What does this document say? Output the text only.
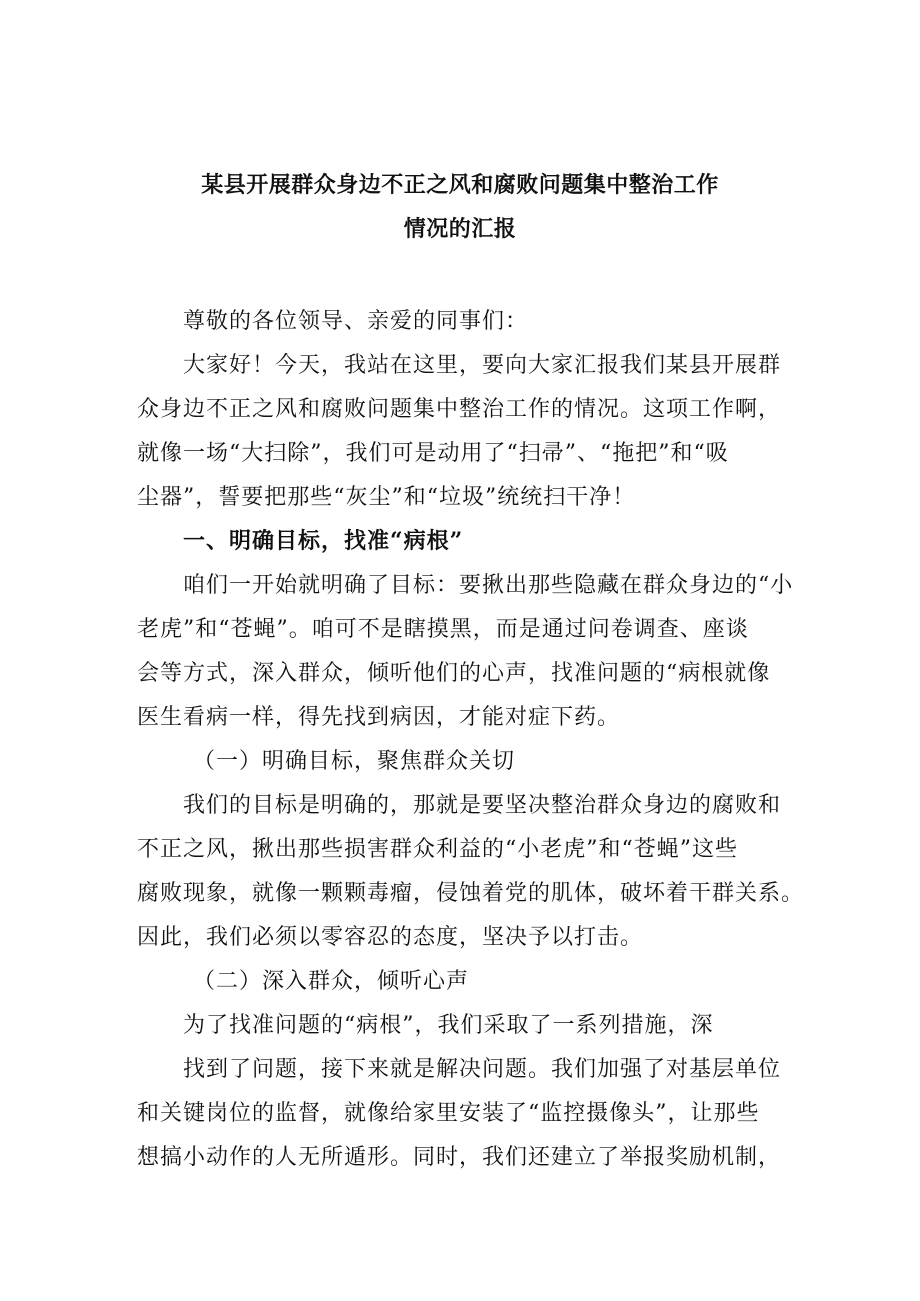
某县开展群众身边不正之风和腐败问题集中整治工作
情况的汇报
尊敬的各位领导、亲爱的同事们：
大家好！今天，我站在这里，要向大家汇报我们某县开展群
众身边不正之风和腐败问题集中整治工作的情况。这项工作啊，
就像一场“大扫除”，我们可是动用了“扫帚”、“拖把”和“吸
尘器”，誓要把那些“灰尘”和“垃圾”统统扫干净！
一、明确目标，找准“病根”
咱们一开始就明确了目标：要揪出那些隐藏在群众身边的“小
老虎”和“苍蝇”。咱可不是瞎摸黑，而是通过问卷调查、座谈
会等方式，深入群众，倾听他们的心声，找准问题的“病根就像
医生看病一样，得先找到病因，才能对症下药。
（一）明确目标，聚焦群众关切
我们的目标是明确的，那就是要坚决整治群众身边的腐败和
不正之风，揪出那些损害群众利益的“小老虎”和“苍蝇”这些
腐败现象，就像一颗颗毒瘤，侵蚀着党的肌体，破坏着干群关系。
因此，我们必须以零容忍的态度，坚决予以打击。
（二）深入群众，倾听心声
为了找准问题的“病根”，我们采取了一系列措施，深
找到了问题，接下来就是解决问题。我们加强了对基层单位
和关键岗位的监督，就像给家里安装了“监控摄像头”，让那些
想搞小动作的人无所遁形。同时，我们还建立了举报奖励机制，
